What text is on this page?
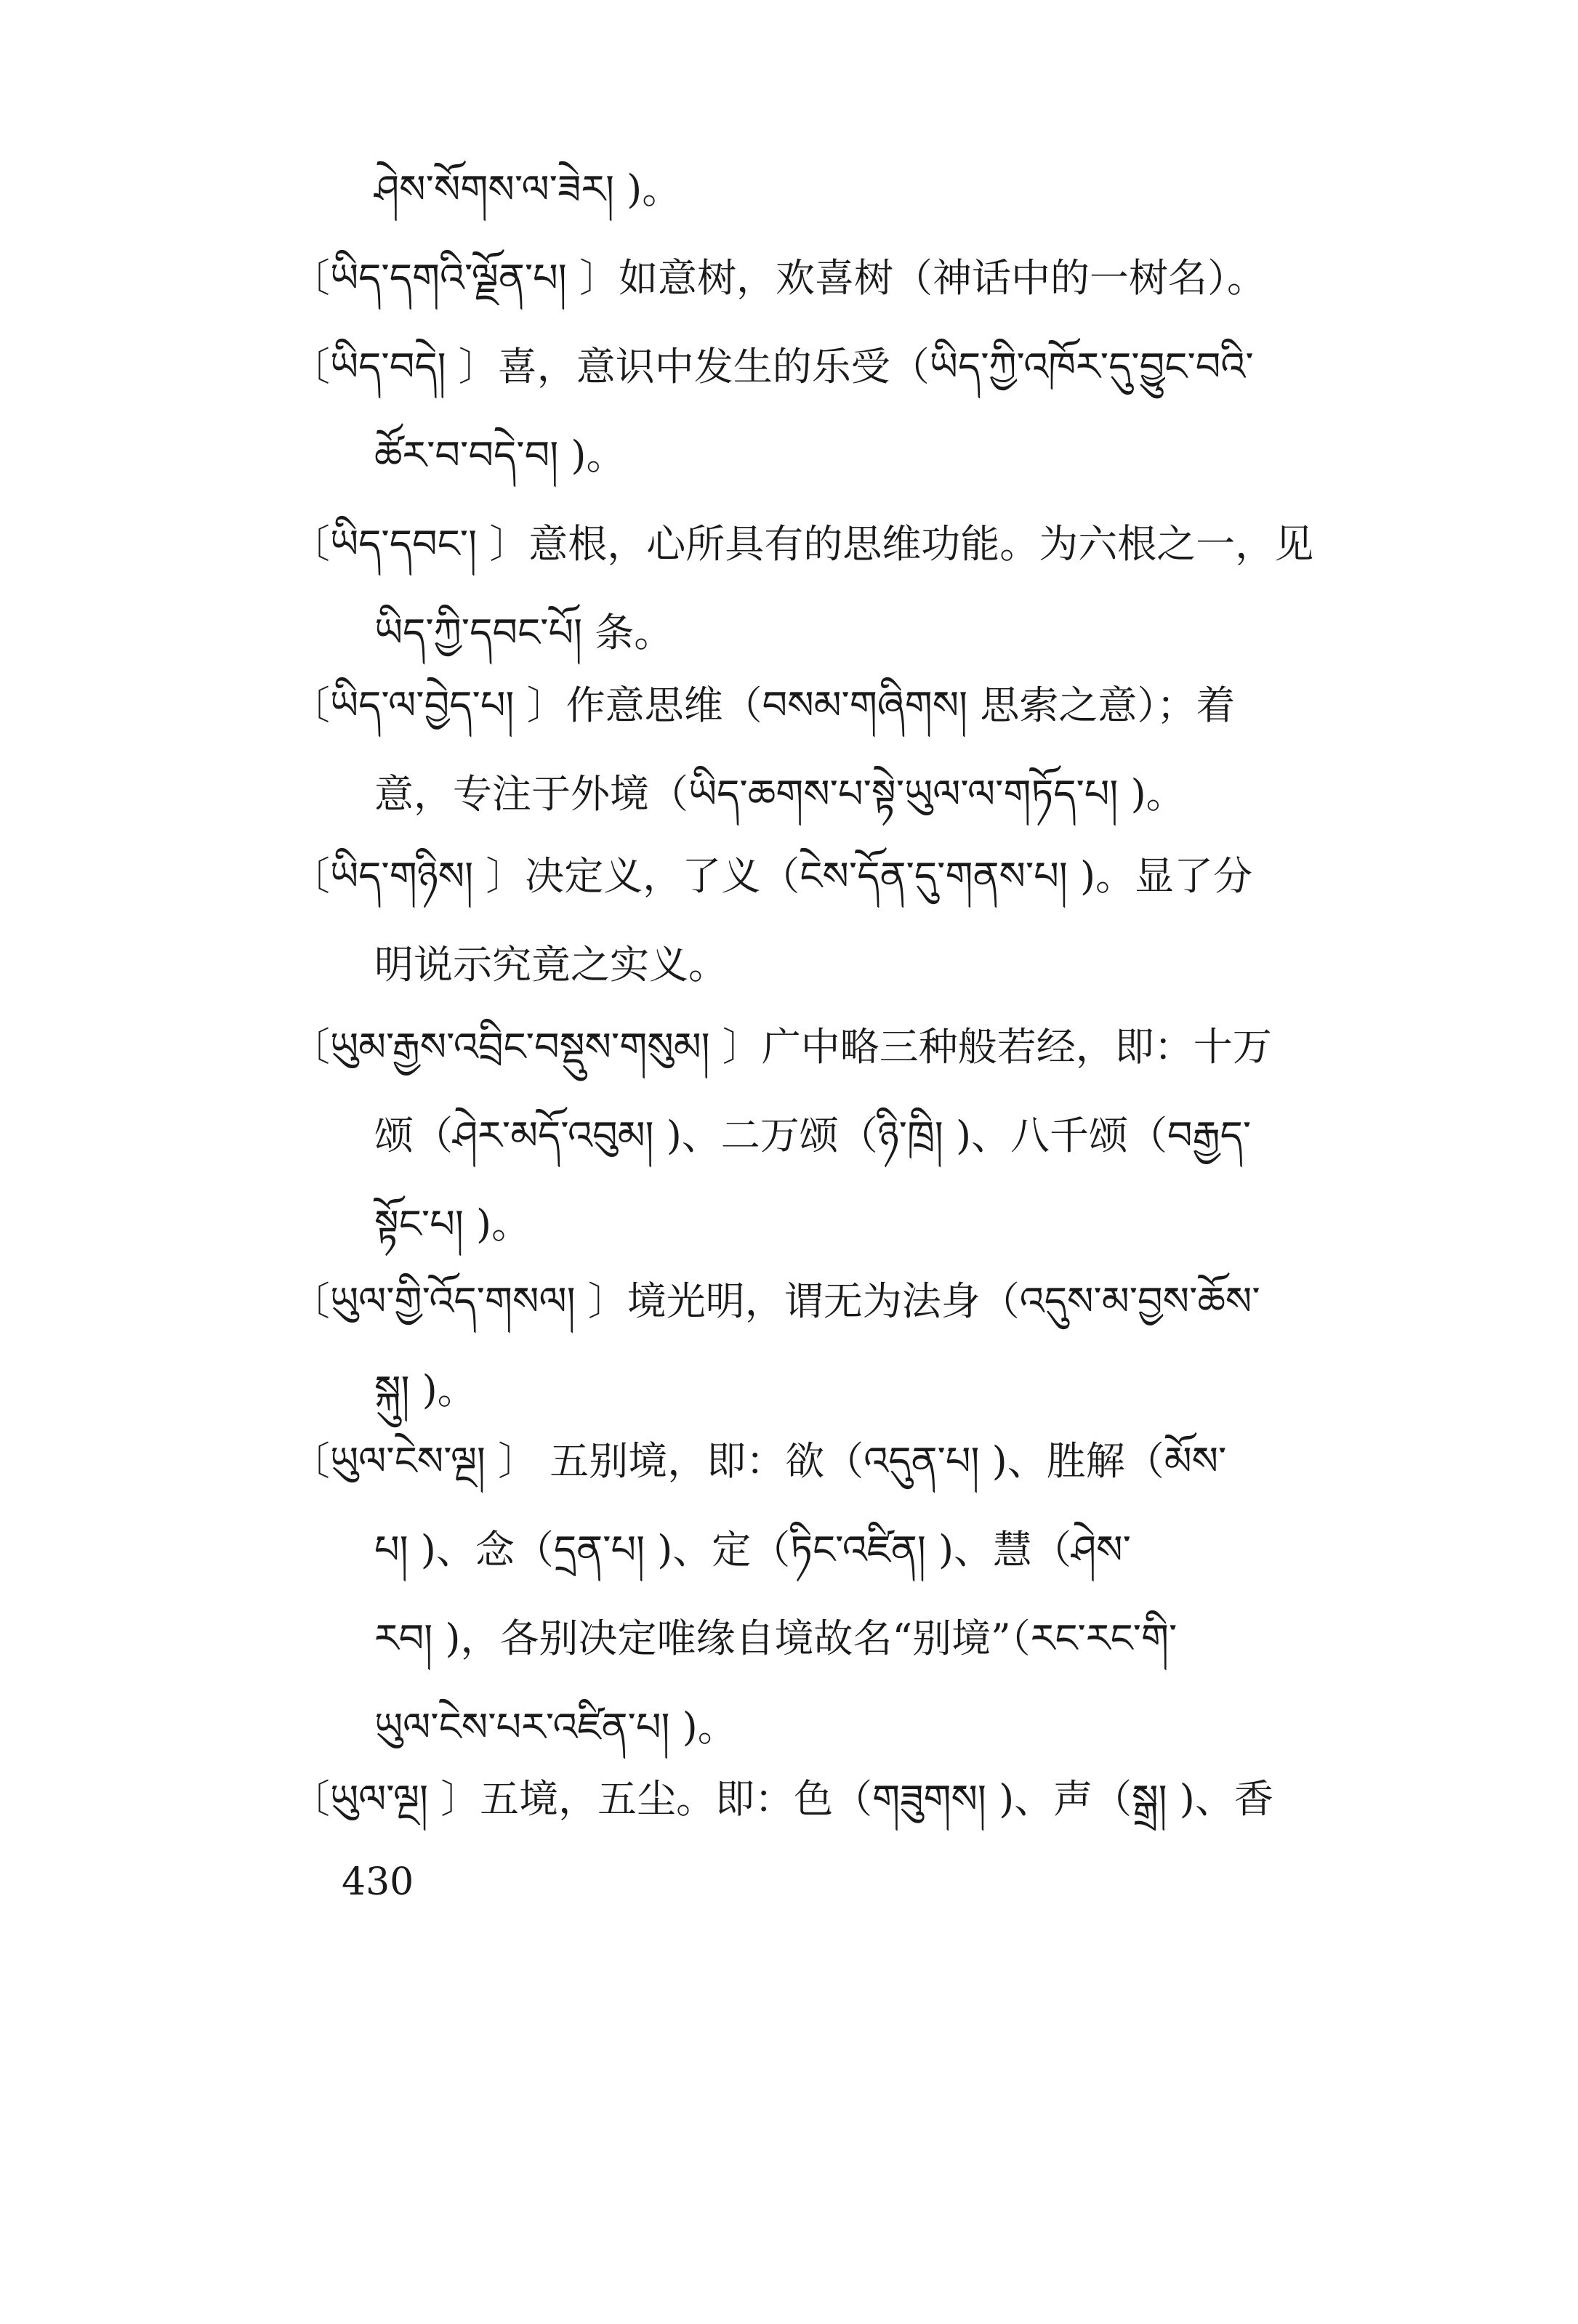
ཤེས་སོགས་ལ་ཟེར། )。
〔ཡིད་དགའི་ལྗོན་པ། 〕如意树，欢喜树（神话中的一树名）。
〔ཡིད་བདེ། 〕喜，意识中发生的乐受（ཡིད་ཀྱི་འཁོར་དུ་བྱུང་བའི་
ཚོར་བ་བདེ་བ། )。
〔ཡིད་དབང་། 〕意根，心所具有的思维功能。为六根之一，见
ཡིད་ཀྱི་དབང་པོ། 条。
〔ཡིད་ལ་བྱེད་པ། 〕作意思维（བསམ་གཞིགས། 思索之意）；着
意，专注于外境（ཡིད་ཆགས་པ་སྟེ་ཡུལ་ལ་གཏོད་པ། )。
〔ཡིད་གཉིས། 〕决定义，了义（ངེས་དོན་དུ་གནས་པ། )。显了分
明说示究竟之实义。
〔ཡུམ་རྒྱས་འབྲིང་བསྡུས་གསུམ། 〕广中略三种般若经，即：十万
颂（ཤེར་མདོ་འབུམ། )、二万颂（ཉི་ཁྲི། )、八千颂（བརྒྱད་
སྟོང་པ། )。
〔ཡུལ་གྱི་འོད་གསལ། 〕境光明，谓无为法身（འདུས་མ་བྱས་ཆོས་
སྐུ། )。
〔ཡུལ་ངེས་ལྔ། 〕 五别境，即：欲（འདུན་པ། )、胜解（མོས་
པ། )、念（དྲན་པ། )、定（ཏིང་འཛིན། )、慧（ཤེས་
རབ། )，各别决定唯缘自境故名“别境”（རང་རང་གི་
ཡུལ་ངེས་པར་འཛིན་པ། )。
〔ཡུལ་ལྔ། 〕五境，五尘。即：色（གཟུགས། )、声（སྒྲ། )、香
430
